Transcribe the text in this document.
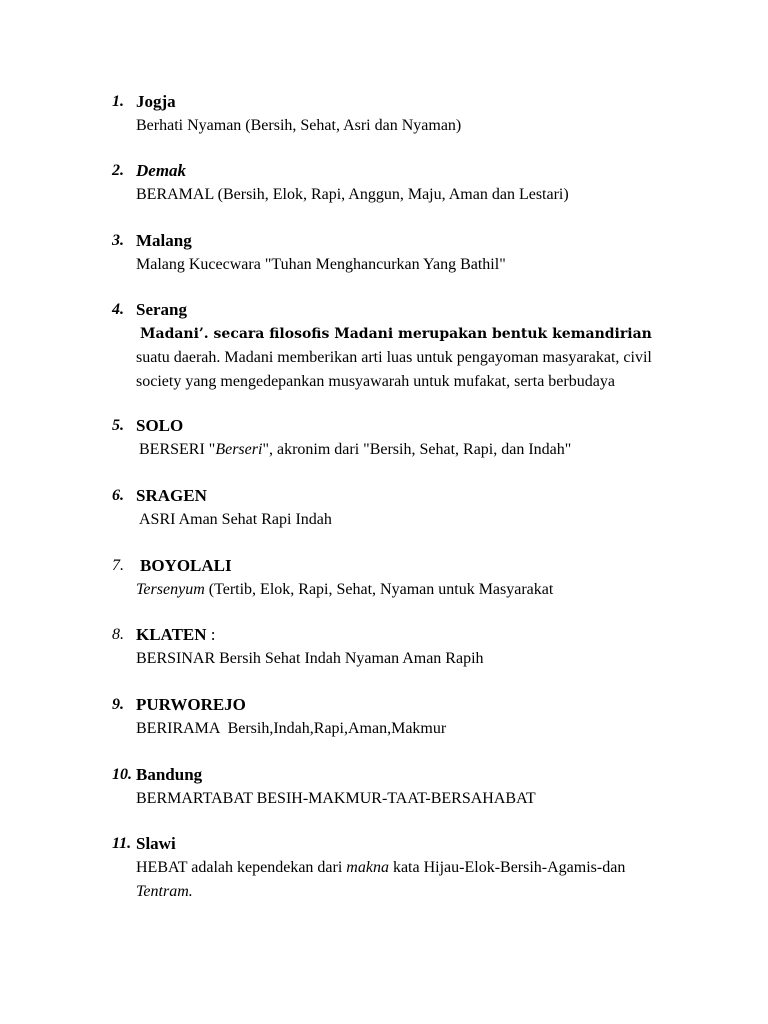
1. Jogja
Berhati Nyaman (Bersih, Sehat, Asri dan Nyaman)
2. Demak
BERAMAL (Bersih, Elok, Rapi, Anggun, Maju, Aman dan Lestari)
3. Malang
Malang Kucecwara "Tuhan Menghancurkan Yang Bathil"
4. Serang
Madani’. secara filosofis Madani merupakan bentuk kemandirian suatu daerah. Madani memberikan arti luas untuk pengayoman masyarakat, civil society yang mengedepankan musyawarah untuk mufakat, serta berbudaya
5. SOLO
BERSERI "Berseri", akronim dari "Bersih, Sehat, Rapi, dan Indah"
6. SRAGEN
ASRI Aman Sehat Rapi Indah
7. BOYOLALI
Tersenyum (Tertib, Elok, Rapi, Sehat, Nyaman untuk Masyarakat
8. KLATEN :
BERSINAR Bersih Sehat Indah Nyaman Aman Rapih
9. PURWOREJO
BERIRAMA  Bersih,Indah,Rapi,Aman,Makmur
10. Bandung
BERMARTABAT BESIH-MAKMUR-TAAT-BERSAHABAT
11. Slawi
HEBAT adalah kependekan dari makna kata Hijau-Elok-Bersih-Agamis-dan
Tentram.
